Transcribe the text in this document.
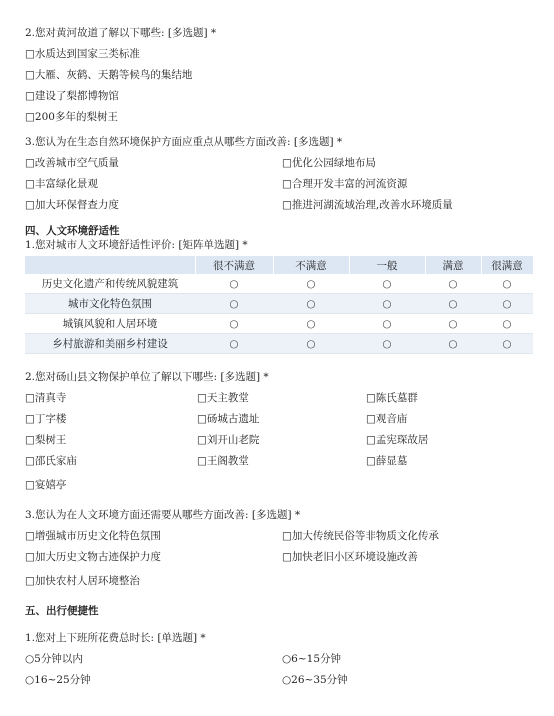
2.您对黄河故道了解以下哪些: [多选题] *
□水质达到国家三类标准
□大雁、灰鹤、天鹅等候鸟的集结地
□建设了梨都博物馆
□200多年的梨树王
3.您认为在生态自然环境保护方面应重点从哪些方面改善: [多选题] *
□改善城市空气质量	□优化公园绿地布局
□丰富绿化景观	□合理开发丰富的河流资源
□加大环保督查力度	□推进河湖流域治理,改善水环境质量
四、人文环境舒适性
1.您对城市人文环境舒适性评价: [矩阵单选题] *
	很不满意	不满意	一般	满意	很满意
历史文化遗产和传统风貌建筑	○	○	○	○	○
城市文化特色氛围	○	○	○	○	○
城镇风貌和人居环境	○	○	○	○	○
乡村旅游和美丽乡村建设	○	○	○	○	○
2.您对砀山县文物保护单位了解以下哪些: [多选题] *
□清真寺	□天主教堂	□陈氏墓群
□丁字楼	□砀城古遗址	□观音庙
□梨树王	□刘开山老院	□孟宪琛故居
□邵氏家庙	□王阁教堂	□薛显墓
□宴嬉亭
3.您认为在人文环境方面还需要从哪些方面改善: [多选题] *
□增强城市历史文化特色氛围	□加大传统民俗等非物质文化传承
□加大历史文物古迹保护力度	□加快老旧小区环境设施改善
□加快农村人居环境整治
五、出行便捷性
1.您对上下班所花费总时长: [单选题] *
○5分钟以内	○6~15分钟
○16~25分钟	○26~35分钟
